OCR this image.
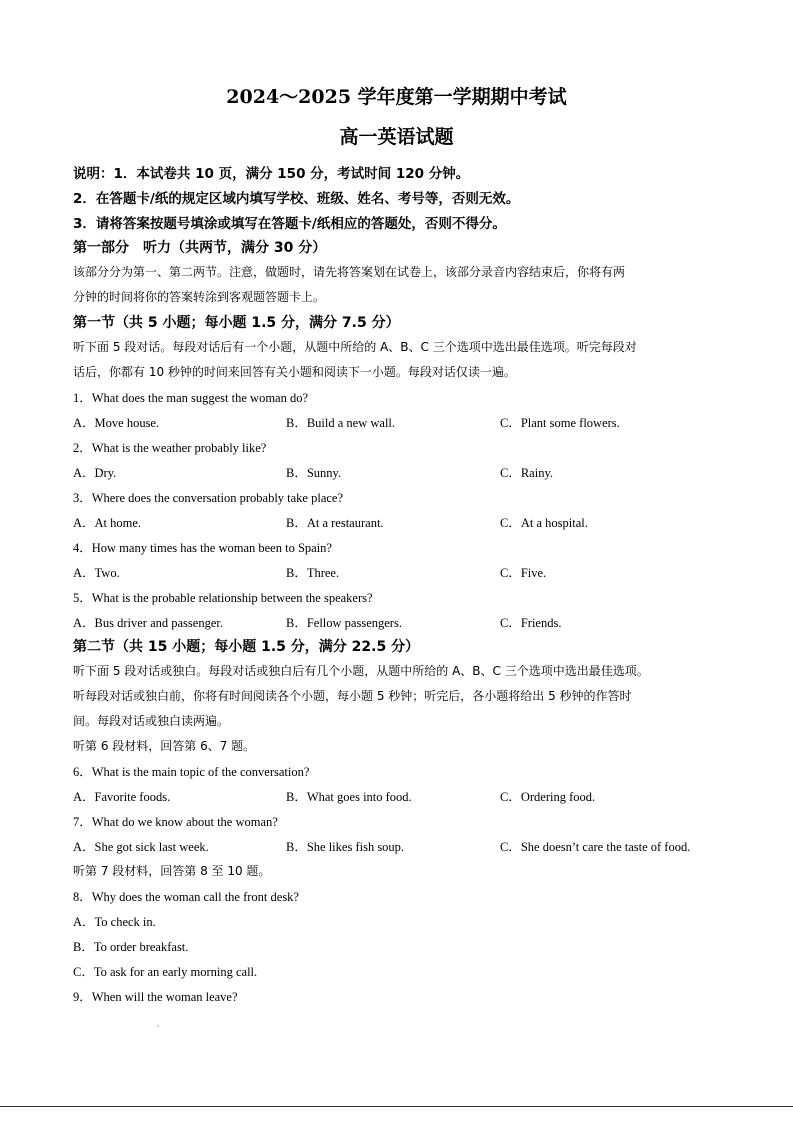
2024～2025 学年度第一学期期中考试
高一英语试题
说明：1．本试卷共 10 页，满分 150 分，考试时间 120 分钟。
2．在答题卡/纸的规定区域内填写学校、班级、姓名、考号等，否则无效。
3．请将答案按题号填涂或填写在答题卡/纸相应的答题处，否则不得分。
第一部分　听力（共两节，满分 30 分）
该部分分为第一、第二两节。注意，做题时，请先将答案划在试卷上，该部分录音内容结束后，你将有两
分钟的时间将你的答案转涂到客观题答题卡上。
第一节（共 5 小题；每小题 1.5 分，满分 7.5 分）
听下面 5 段对话。每段对话后有一个小题，从题中所给的 A、B、C 三个选项中选出最佳选项。听完每段对
话后，你都有 10 秒钟的时间来回答有关小题和阅读下一小题。每段对话仅读一遍。
1．What does the man suggest the woman do?
A．Move house.	B．Build a new wall.	C．Plant some flowers.
2．What is the weather probably like?
A．Dry.	B．Sunny.	C．Rainy.
3．Where does the conversation probably take place?
A．At home.	B．At a restaurant.	C．At a hospital.
4．How many times has the woman been to Spain?
A．Two.	B．Three.	C．Five.
5．What is the probable relationship between the speakers?
A．Bus driver and passenger.	B．Fellow passengers.	C．Friends.
第二节（共 15 小题；每小题 1.5 分，满分 22.5 分）
听下面 5 段对话或独白。每段对话或独白后有几个小题，从题中所给的 A、B、C 三个选项中选出最佳选项。
听每段对话或独白前，你将有时间阅读各个小题，每小题 5 秒钟；听完后，各小题将给出 5 秒钟的作答时
间。每段对话或独白读两遍。
听第 6 段材料，回答第 6、7 题。
6．What is the main topic of the conversation?
A．Favorite foods.	B．What goes into food.	C．Ordering food.
7．What do we know about the woman?
A．She got sick last week.	B．She likes fish soup.	C．She doesn’t care the taste of food.
听第 7 段材料，回答第 8 至 10 题。
8．Why does the woman call the front desk?
A．To check in.
B．To order breakfast.
C．To ask for an early morning call.
9．When will the woman leave?
